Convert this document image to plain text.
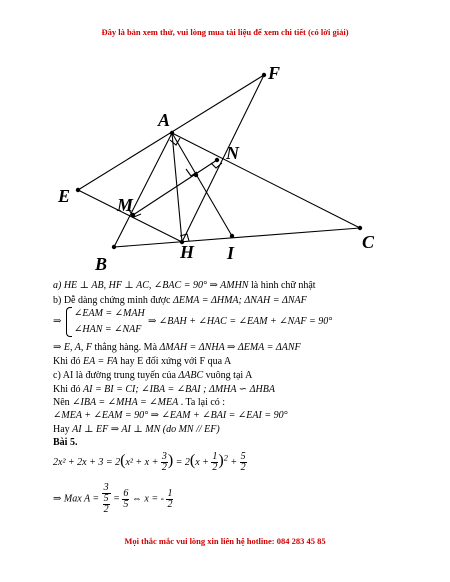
Đây là bản xem thử, vui lòng mua tài liệu để xem chi tiết (có lời giải)
F
A
N
E	M
H I
C
B
a) HE ⊥ AB, HF ⊥ AC, ∠BAC = 90° ⇒ AMHN là hình chữ nhật
b) Dễ dàng chứng minh được ΔEMA = ΔHMA; ΔNAH = ΔNAF
⇒
∠EAM = ∠MAH
∠HAN = ∠NAF
⇒ ∠BAH + ∠HAC = ∠EAM + ∠NAF = 90°
⇒ E, A, F thẳng hàng. Mà ΔMAH = ΔNHA ⇒ ΔEMA = ΔANF
Khi đó EA = FA hay E đối xứng với F qua A
c) AI là đường trung tuyến của ΔABC vuông tại A
Khi đó AI = BI = CI; ∠IBA = ∠BAI ; ΔMHA ∽ ΔHBA
Nên ∠IBA = ∠MHA = ∠MEA . Ta lại có :
∠MEA + ∠EAM = 90° ⇒ ∠EAM + ∠BAI = ∠EAI = 90°
Hay AI ⊥ EF ⇒ AI ⊥ MN (do MN // EF)
Bài 5.
$2x^2 + 2x + 3 = 2(x^2 + x + \frac{3}{2}$ ) = $2(x + \frac{1}{2} )^2 + \frac{5}{2}$
⇒ Max A = 3
5
$2 = \frac{6}{5}$ ⇔ x = - $\frac{1}{2}$
Mọi thắc mắc vui lòng xin liên hệ hotline: 084 283 45 85
